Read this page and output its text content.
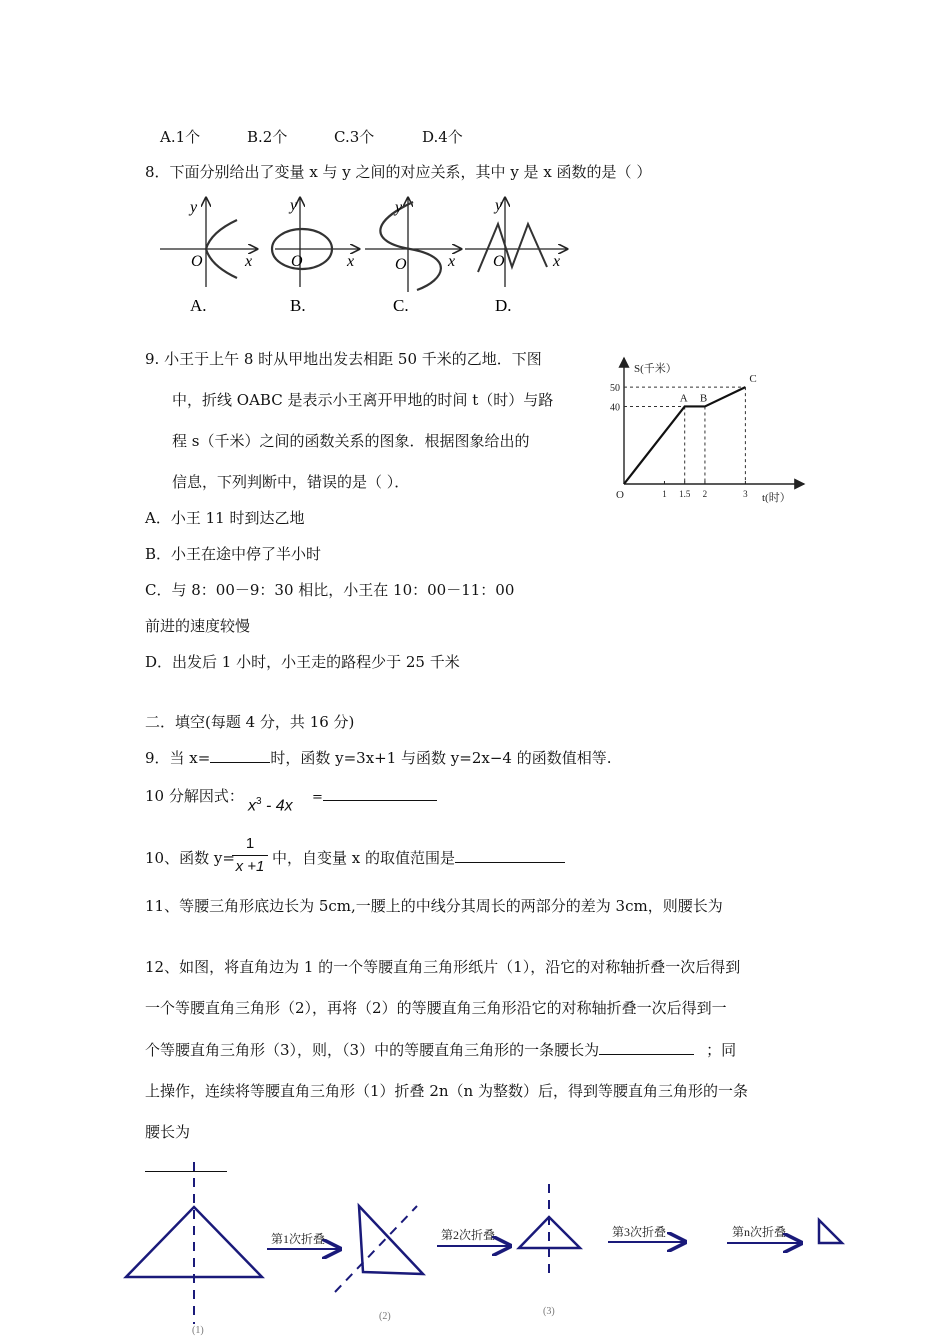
A.1个	B.2个	C.3个	D.4个
8．下面分别给出了变量 x 与 y 之间的对应关系，其中 y 是 x 函数的是（ ）
y
O	x
A.
y
O	x
B.
y
O	x
C.
y
O	x
D.
9. 小王于上午 8 时从甲地出发去相距 50 千米的乙地．下图
中，折线 OABC 是表示小王离开甲地的时间 t（时）与路
程 s（千米）之间的函数关系的图象．根据图象给出的
信息，下列判断中，错误的是（ ）．
S(千米）
t(时）
40
50
1 1.5 2	3
O
A B
C
A．小王 11 时到达乙地
B．小王在途中停了半小时
C．与 8：00－9：30 相比，小王在 10：00－11：00
前进的速度较慢
D．出发后 1 小时，小王走的路程少于 25 千米
二．填空(每题 4 分，共 16 分)
9．当 x=	时，函数 y=3x+1 与函数 y=2x−4 的函数值相等.
10 分解因式：
$x^3 - 4x$ =
10、函数 y=
1
x +1 中，自变量 x 的取值范围是
11、等腰三角形底边长为 5cm,一腰上的中线分其周长的两部分的差为 3cm，则腰长为
12、如图，将直角边为 1 的一个等腰直角三角形纸片（1），沿它的对称轴折叠一次后得到
一个等腰直角三角形（2），再将（2）的等腰直角三角形沿它的对称轴折叠一次后得到一
个等腰直角三角形（3），则，（3）中的等腰直角三角形的一条腰长为	；同
上操作，连续将等腰直角三角形（1）折叠 2n（n 为整数）后，得到等腰直角三角形的一条
腰长为
第1次折叠	第2次折叠	第3次折叠	第n次折叠
(1)
(2)	(3)
